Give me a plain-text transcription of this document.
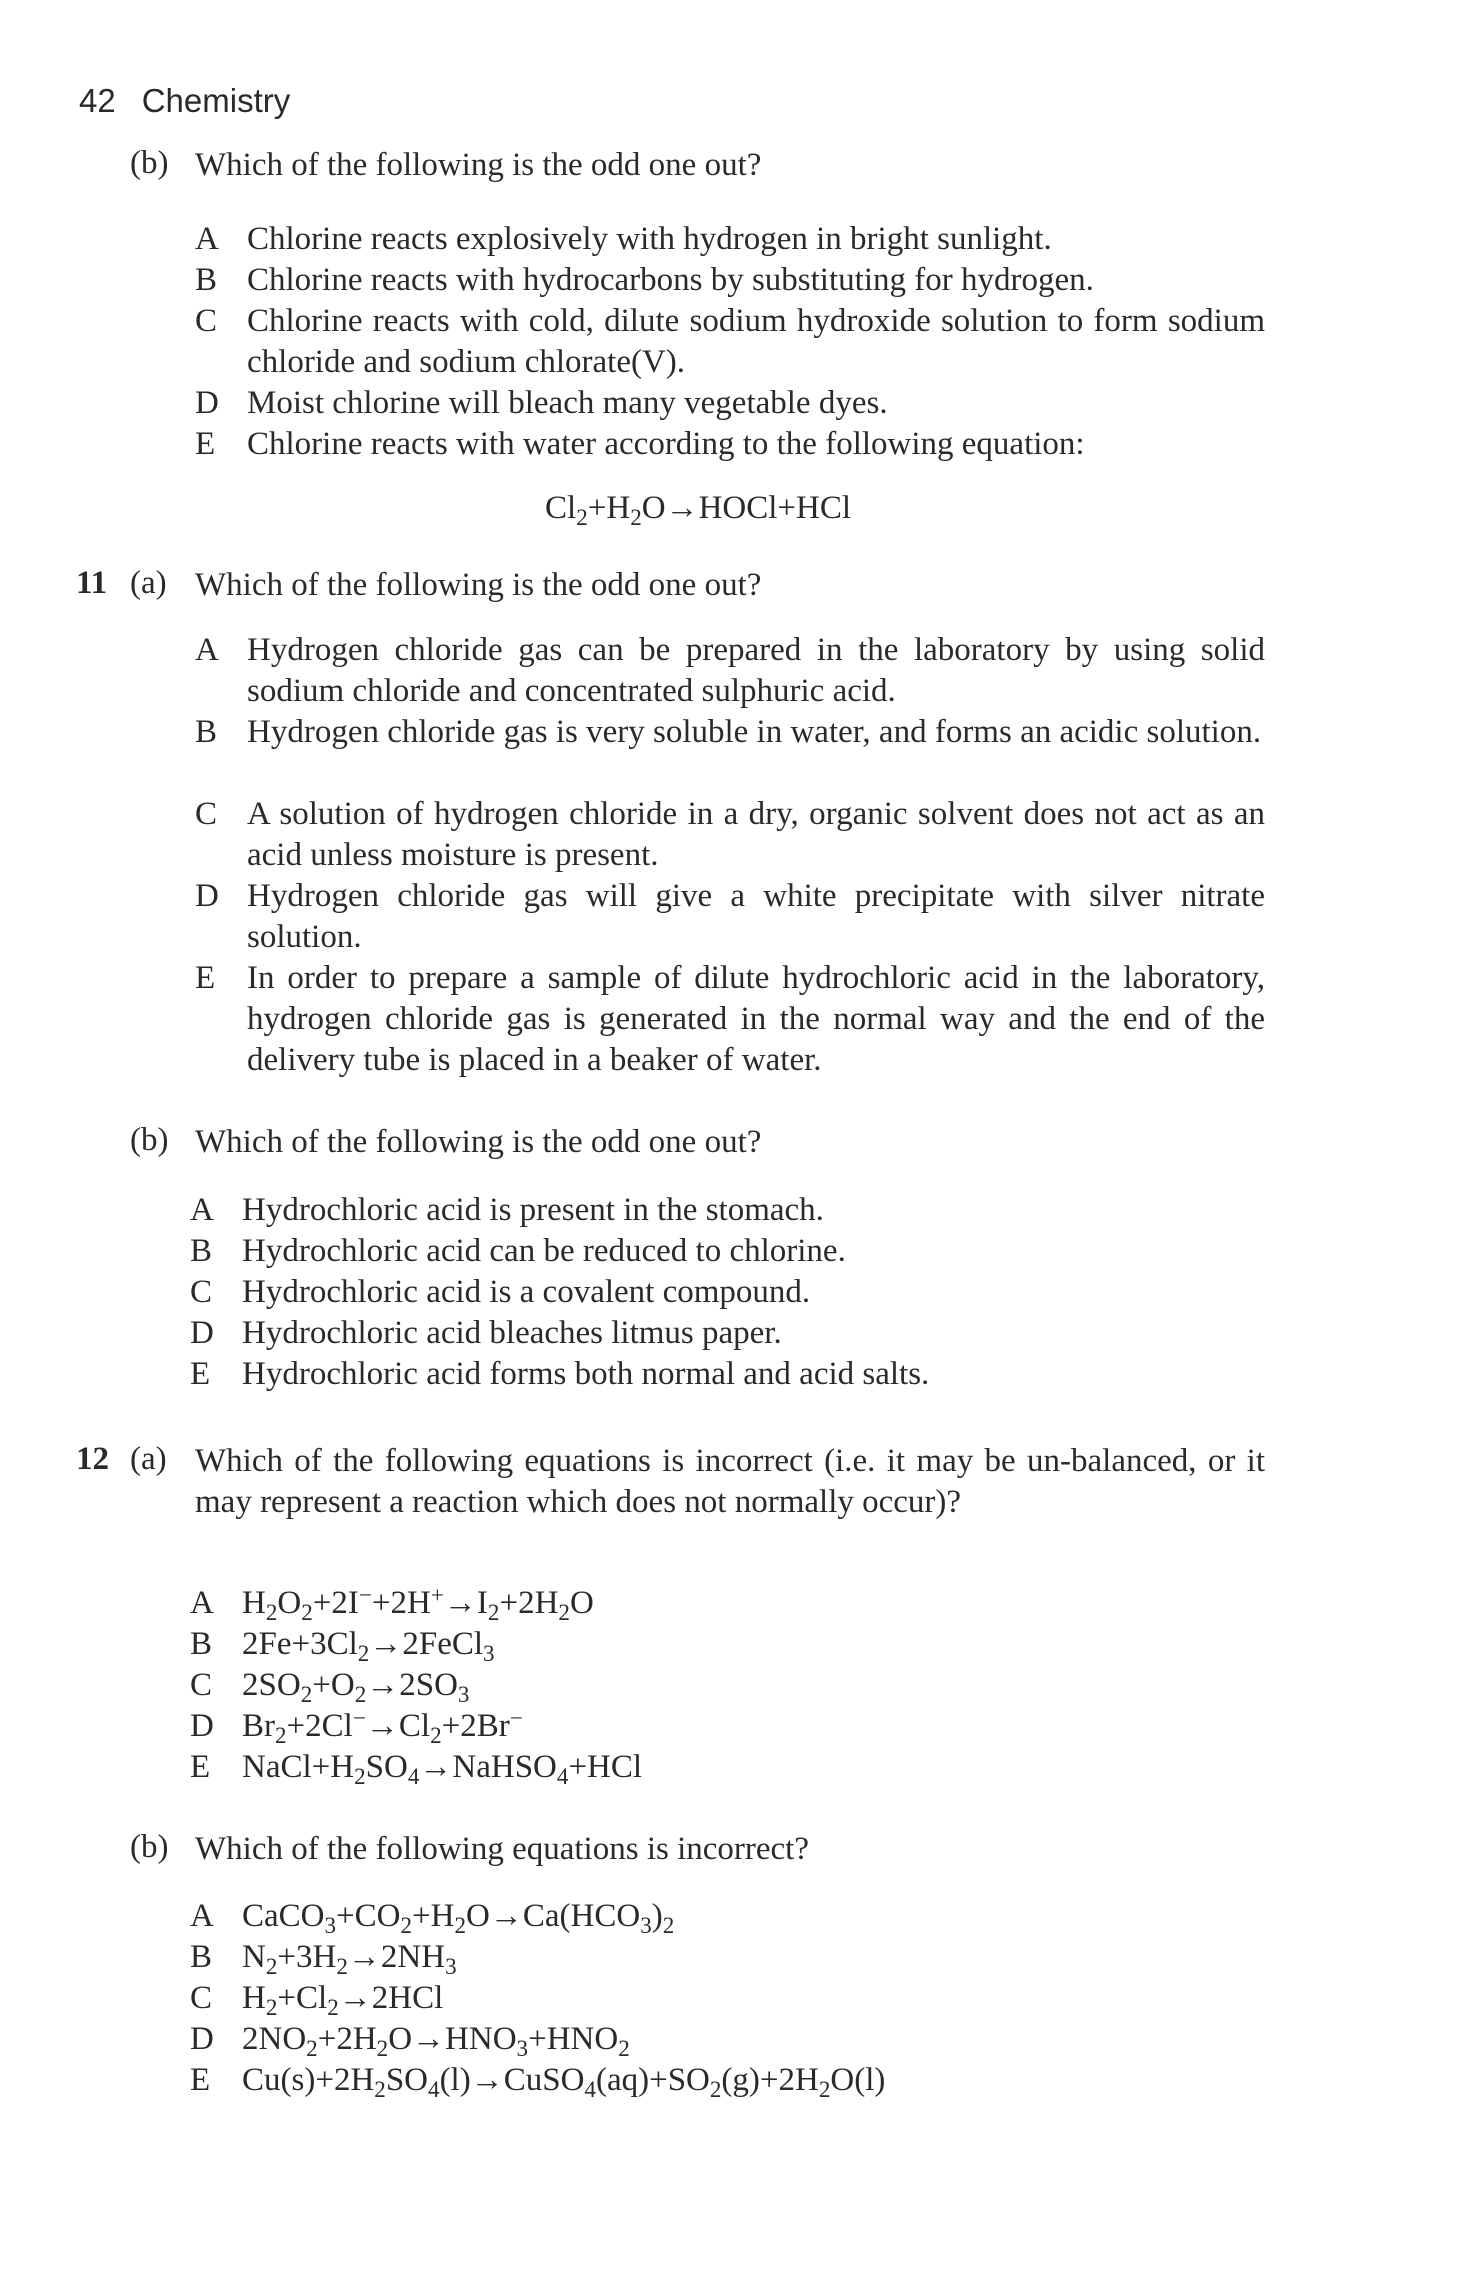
42 Chemistry
(b) Which of the following is the odd one out?
A Chlorine reacts explosively with hydrogen in bright sunlight.
B Chlorine reacts with hydrocarbons by substituting for hydrogen.
C Chlorine reacts with cold, dilute sodium hydroxide solution to form sodium chloride and sodium chlorate(V).
D Moist chlorine will bleach many vegetable dyes.
E Chlorine reacts with water according to the following equation:
$Cl_2+H_2O\to HOCl+HCl$
11 (a) Which of the following is the odd one out?
A Hydrogen chloride gas can be prepared in the laboratory by using solid sodium chloride and concentrated sulphuric acid.
B Hydrogen chloride gas is very soluble in water, and forms an acidic solution.
C A solution of hydrogen chloride in a dry, organic solvent does not act as an acid unless moisture is present.
D Hydrogen chloride gas will give a white precipitate with silver nitrate solution.
E In order to prepare a sample of dilute hydrochloric acid in the laboratory, hydrogen chloride gas is generated in the normal way and the end of the delivery tube is placed in a beaker of water.
(b) Which of the following is the odd one out?
A Hydrochloric acid is present in the stomach.
B Hydrochloric acid can be reduced to chlorine.
C Hydrochloric acid is a covalent compound.
D Hydrochloric acid bleaches litmus paper.
E Hydrochloric acid forms both normal and acid salts.
12 (a) Which of the following equations is incorrect (i.e. it may be un-balanced, or it may represent a reaction which does not normally occur)?
A $H_2O_2+2I^-+2H^+\to I_2+2H_2O$
B $2Fe+3Cl_2\to 2FeCl_3$
C $2SO_2+O_2\to 2SO_3$
D $Br_2+2Cl^-\to Cl_2+2Br^-$
E $NaCl+H_2SO_4\to NaHSO_4+HCl$
(b) Which of the following equations is incorrect?
A $CaCO_3+CO_2+H_2O\to Ca(HCO_3)_2$
B $N_2+3H_2\to 2NH_3$
C $H_2+Cl_2\to 2HCl$
D $2NO_2+2H_2O\to HNO_3+HNO_2$
E $Cu(s)+2H_2SO_4(l)\to CuSO_4(aq)+SO_2(g)+2H_2O(l)$
